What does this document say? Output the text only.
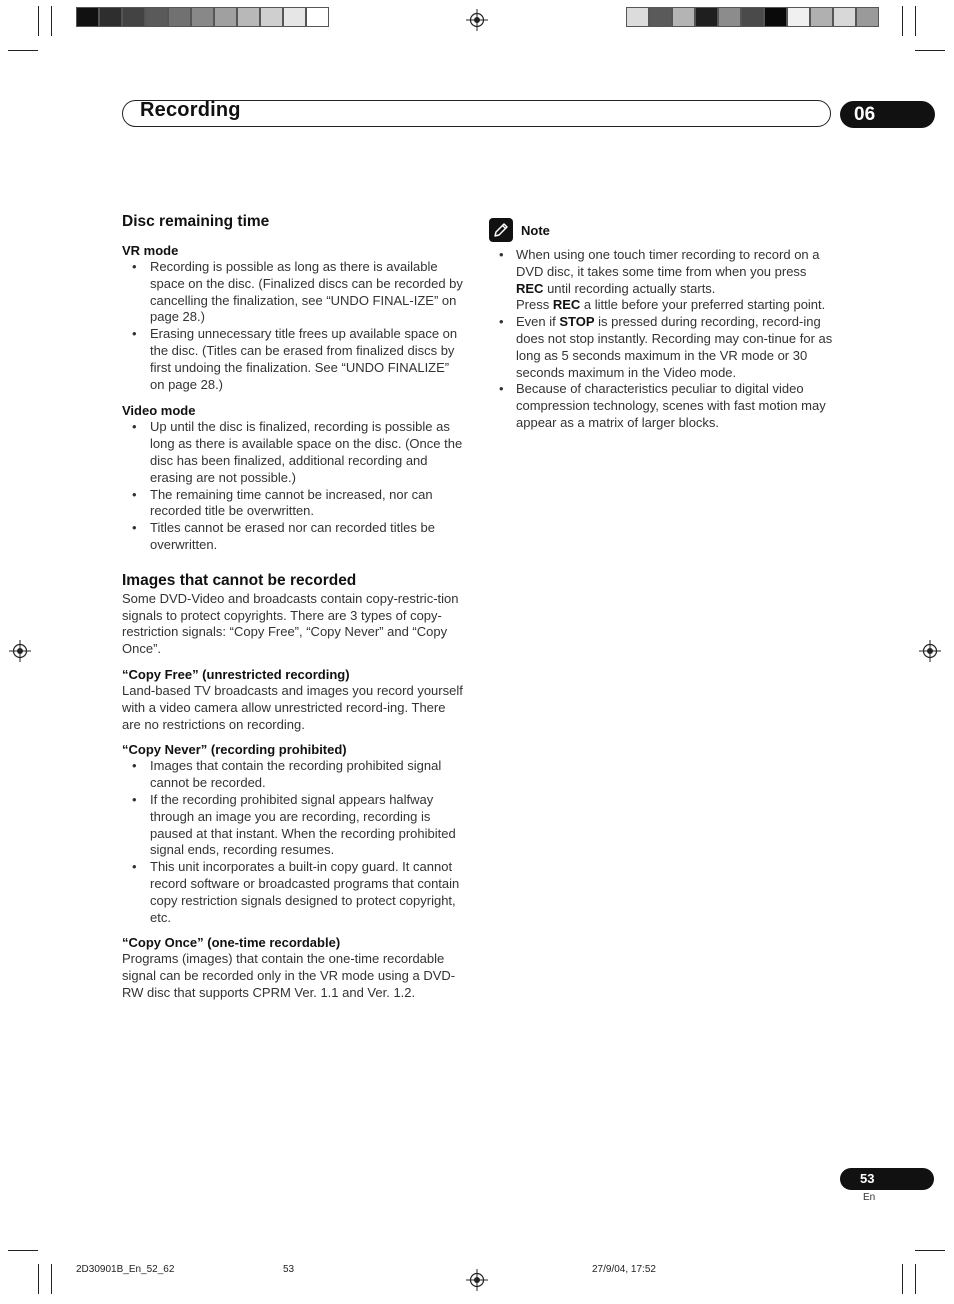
Recording	06
Disc remaining time
VR mode
• Recording is possible as long as there is available space on the disc. (Finalized discs can be recorded by cancelling the finalization, see “UNDO FINAL-IZE” on page 28.)
• Erasing unnecessary title frees up available space on the disc. (Titles can be erased from finalized discs by first undoing the finalization. See “UNDO FINALIZE” on page 28.)
Video mode
• Up until the disc is finalized, recording is possible as long as there is available space on the disc. (Once the disc has been finalized, additional recording and erasing are not possible.)
• The remaining time cannot be increased, nor can recorded title be overwritten.
• Titles cannot be erased nor can recorded titles be overwritten.
Images that cannot be recorded

Some DVD-Video and broadcasts contain copy-restric-tion signals to protect copyrights. There are 3 types of copy-restriction signals: “Copy Free”, “Copy Never” and “Copy Once”.

“Copy Free” (unrestricted recording)

Land-based TV broadcasts and images you record yourself with a video camera allow unrestricted record-ing. There are no restrictions on recording.

“Copy Never” (recording prohibited)
• Images that contain the recording prohibited signal cannot be recorded.
• If the recording prohibited signal appears halfway through an image you are recording, recording is paused at that instant. When the recording prohibited signal ends, recording resumes.
• This unit incorporates a built-in copy guard. It cannot record software or broadcasted programs that contain copy restriction signals designed to protect copyright, etc.
“Copy Once” (one-time recordable)

Programs (images) that contain the one-time recordable signal can be recorded only in the VR mode using a DVD-RW disc that supports CPRM Ver. 1.1 and Ver. 1.2.

Note
• When using one touch timer recording to record on a DVD disc, it takes some time from when you press REC until recording actually starts.
Press REC a little before your preferred starting point.
• Even if STOP is pressed during recording, record-ing does not stop instantly. Recording may con-tinue for as long as 5 seconds maximum in the VR mode or 30 seconds maximum in the Video mode.
• Because of characteristics peculiar to digital video compression technology, scenes with fast motion may appear as a matrix of larger blocks.
53
En
2D30901B_En_52_62	53	27/9/04, 17:52
